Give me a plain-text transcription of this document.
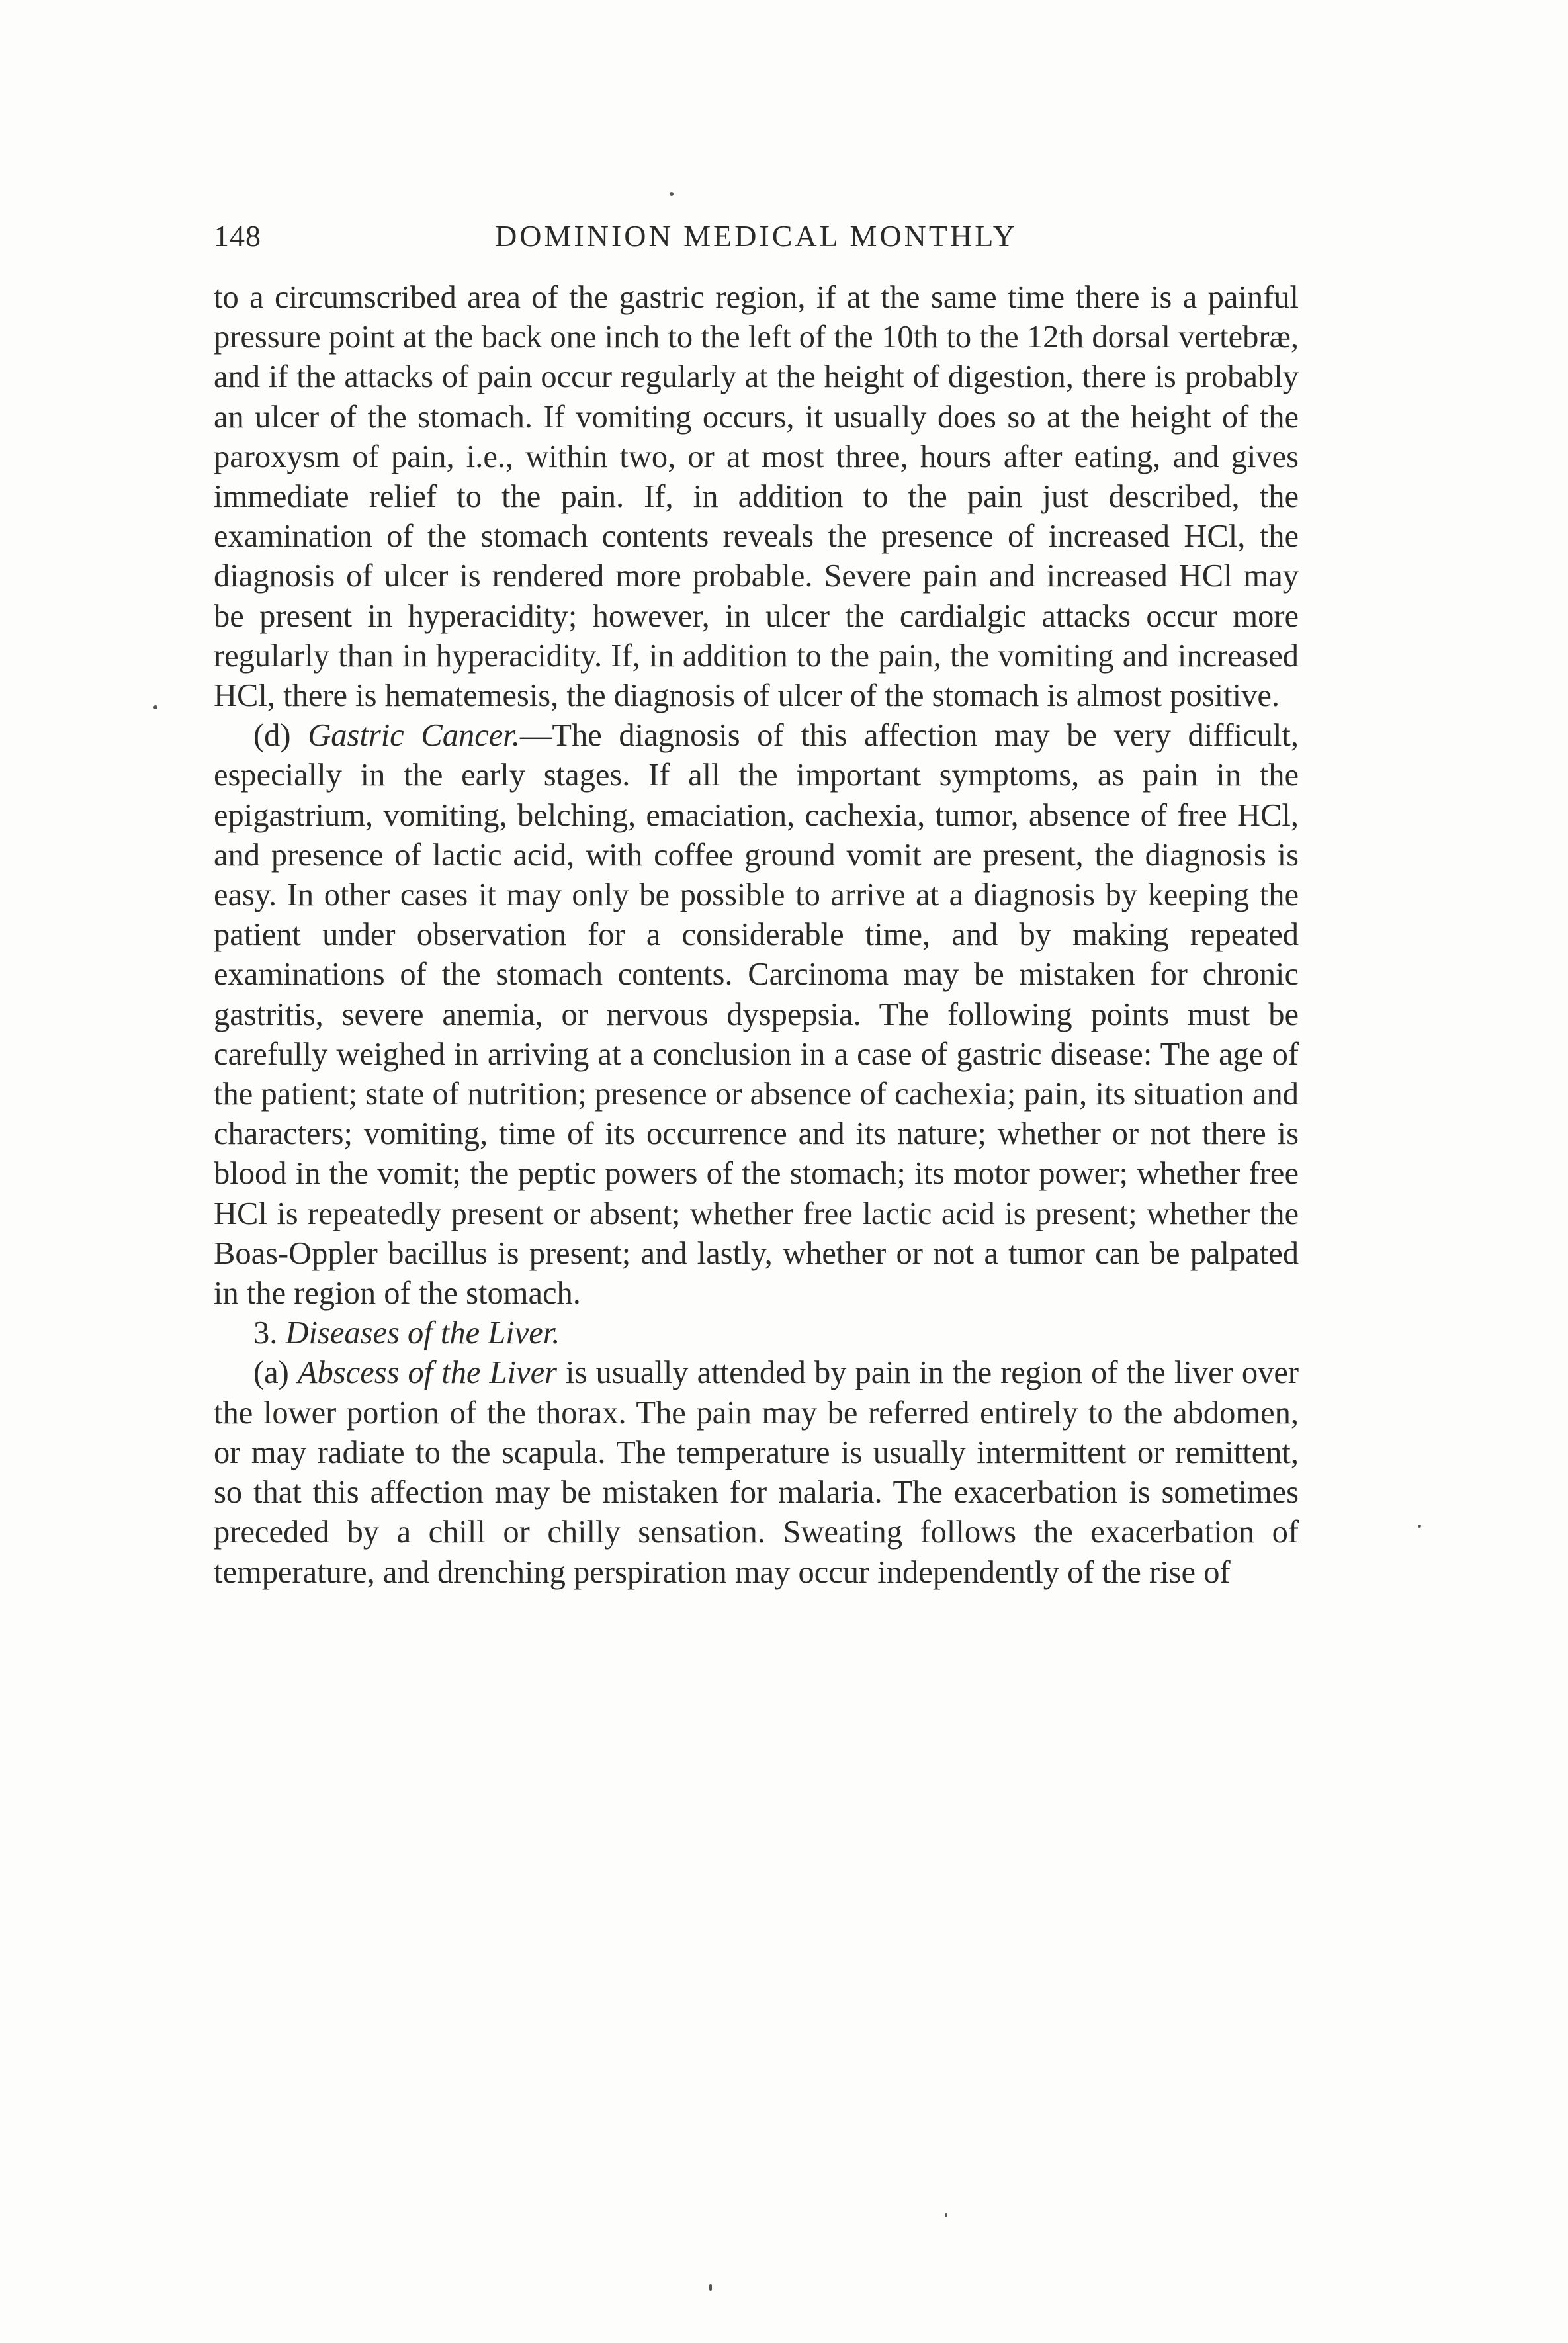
148	DOMINION MEDICAL MONTHLY

to a circumscribed area of the gastric region, if at the same time there is a painful pressure point at the back one inch to the left of the 10th to the 12th dorsal vertebræ, and if the attacks of pain occur regularly at the height of digestion, there is probably an ulcer of the stomach. If vomiting occurs, it usually does so at the height of the paroxysm of pain, i.e., within two, or at most three, hours after eating, and gives immediate relief to the pain. If, in addition to the pain just described, the examination of the stomach contents reveals the presence of increased HCl, the diagnosis of ulcer is rendered more probable. Severe pain and increased HCl may be present in hyperacidity; however, in ulcer the cardialgic attacks occur more regularly than in hyperacidity. If, in addition to the pain, the vomiting and increased HCl, there is hematemesis, the diagnosis of ulcer of the stomach is almost positive.

(d) Gastric Cancer.—The diagnosis of this affection may be very difficult, especially in the early stages. If all the important symptoms, as pain in the epigastrium, vomiting, belching, emaciation, cachexia, tumor, absence of free HCl, and presence of lactic acid, with coffee ground vomit are present, the diagnosis is easy. In other cases it may only be possible to arrive at a diagnosis by keeping the patient under observation for a considerable time, and by making repeated examinations of the stomach contents. Carcinoma may be mistaken for chronic gastritis, severe anemia, or nervous dyspepsia. The following points must be carefully weighed in arriving at a conclusion in a case of gastric disease: The age of the patient; state of nutrition; presence or absence of cachexia; pain, its situation and characters; vomiting, time of its occurrence and its nature; whether or not there is blood in the vomit; the peptic powers of the stomach; its motor power; whether free HCl is repeatedly present or absent; whether free lactic acid is present; whether the Boas-Oppler bacillus is present; and lastly, whether or not a tumor can be palpated in the region of the stomach.

3. Diseases of the Liver.

(a) Abscess of the Liver is usually attended by pain in the region of the liver over the lower portion of the thorax. The pain may be referred entirely to the abdomen, or may radiate to the scapula. The temperature is usually intermittent or remittent, so that this affection may be mistaken for malaria. The exacerbation is sometimes preceded by a chill or chilly sensation. Sweating follows the exacerbation of temperature, and drenching perspiration may occur independently of the rise of
